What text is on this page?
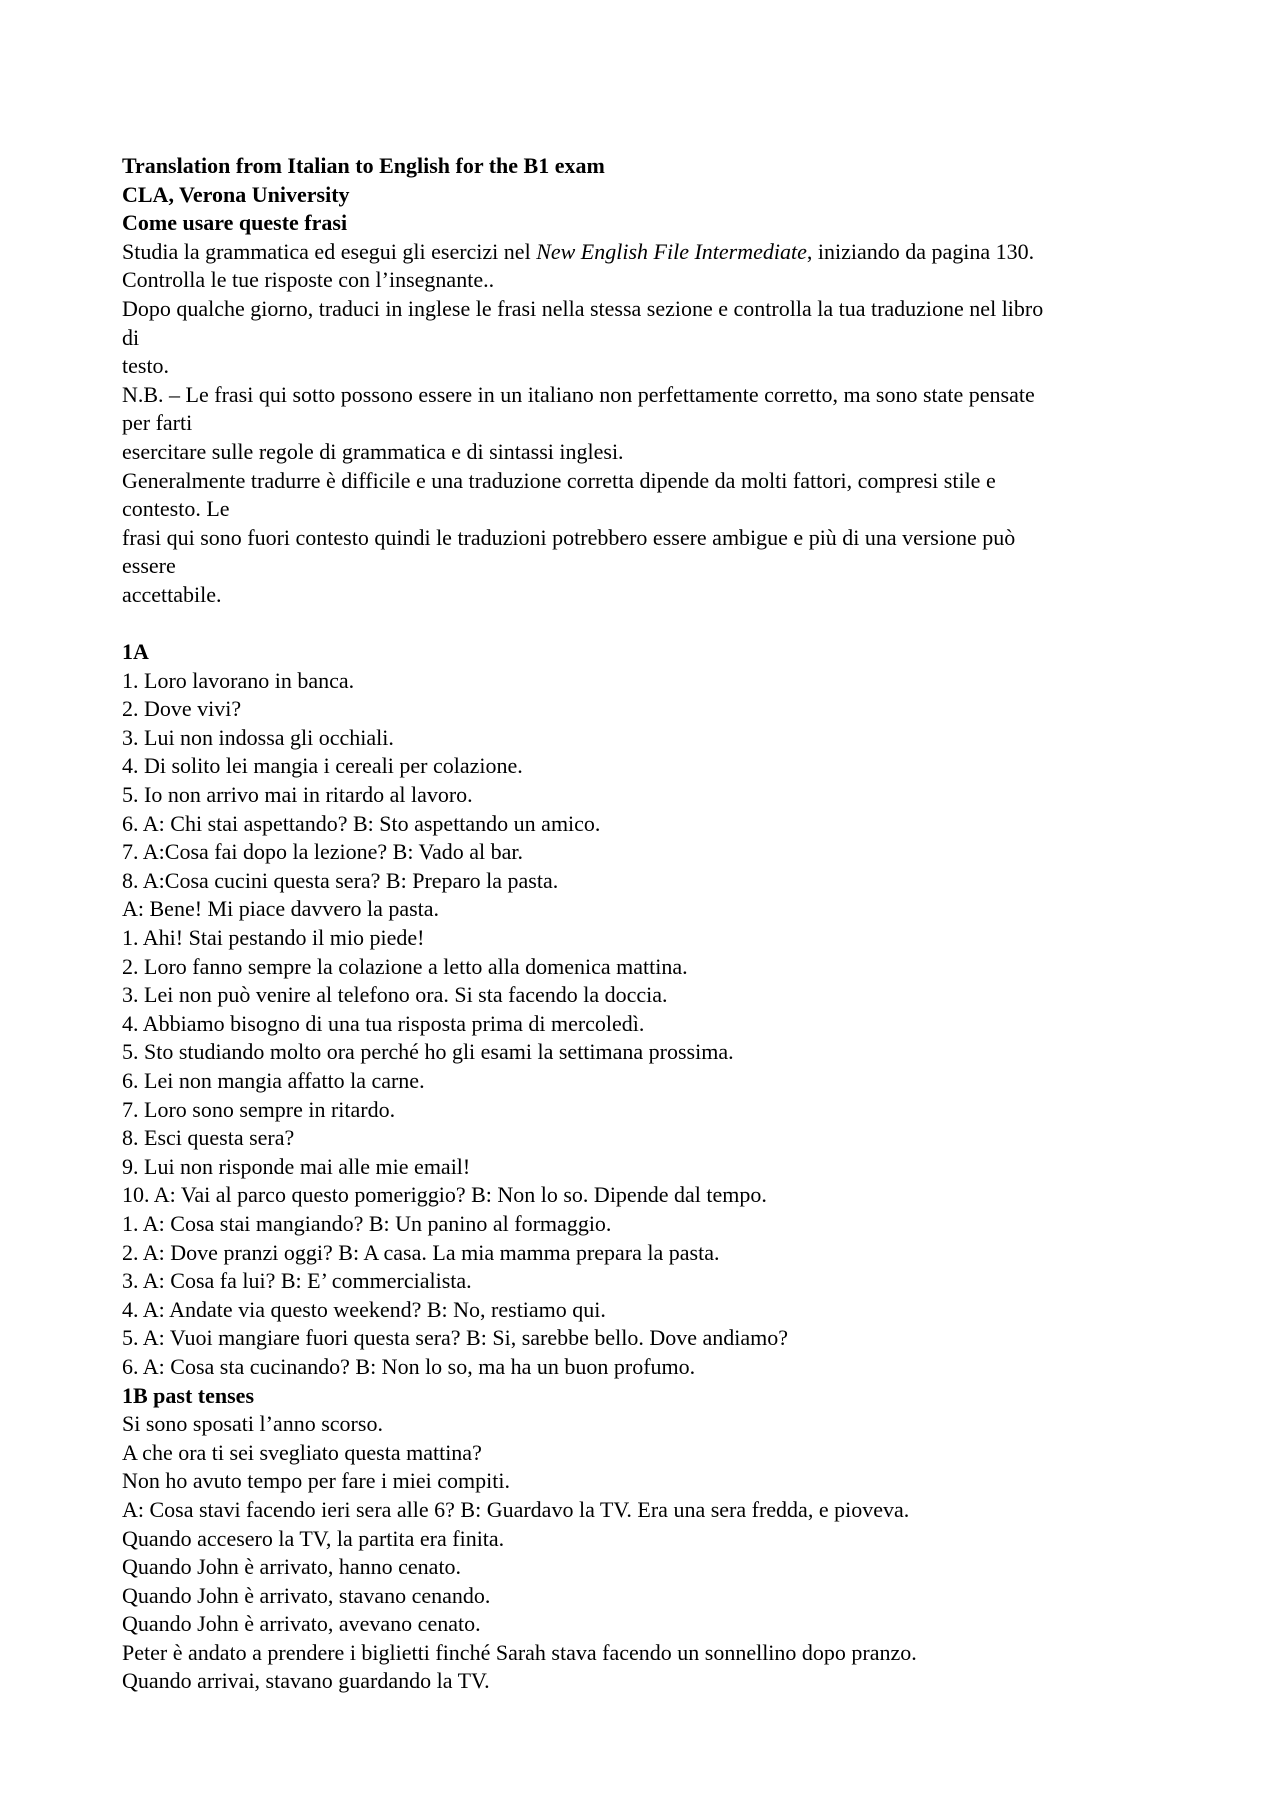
Translation from Italian to English for the B1 exam

CLA, Verona University

Come usare queste frasi

Studia la grammatica ed esegui gli esercizi nel New English File Intermediate, iniziando da pagina 130.

Controlla le tue risposte con l’insegnante..

Dopo qualche giorno, traduci in inglese le frasi nella stessa sezione e controlla la tua traduzione nel libro

di

testo.

N.B. – Le frasi qui sotto possono essere in un italiano non perfettamente corretto, ma sono state pensate

per farti

esercitare sulle regole di grammatica e di sintassi inglesi.

Generalmente tradurre è difficile e una traduzione corretta dipende da molti fattori, compresi stile e

contesto. Le

frasi qui sono fuori contesto quindi le traduzioni potrebbero essere ambigue e più di una versione può

essere

accettabile.

1A

1. Loro lavorano in banca.

2. Dove vivi?

3. Lui non indossa gli occhiali.

4. Di solito lei mangia i cereali per colazione.

5. Io non arrivo mai in ritardo al lavoro.

6. A: Chi stai aspettando? B: Sto aspettando un amico.

7. A:Cosa fai dopo la lezione? B: Vado al bar.

8. A:Cosa cucini questa sera? B: Preparo la pasta.

A: Bene! Mi piace davvero la pasta.

1. Ahi! Stai pestando il mio piede!

2. Loro fanno sempre la colazione a letto alla domenica mattina.

3. Lei non può venire al telefono ora. Si sta facendo la doccia.

4. Abbiamo bisogno di una tua risposta prima di mercoledì.

5. Sto studiando molto ora perché ho gli esami la settimana prossima.

6. Lei non mangia affatto la carne.

7. Loro sono sempre in ritardo.

8. Esci questa sera?

9. Lui non risponde mai alle mie email!

10. A: Vai al parco questo pomeriggio? B: Non lo so. Dipende dal tempo.

1. A: Cosa stai mangiando? B: Un panino al formaggio.

2. A: Dove pranzi oggi? B: A casa. La mia mamma prepara la pasta.

3. A: Cosa fa lui? B: E’ commercialista.

4. A: Andate via questo weekend? B: No, restiamo qui.

5. A: Vuoi mangiare fuori questa sera? B: Si, sarebbe bello. Dove andiamo?

6. A: Cosa sta cucinando? B: Non lo so, ma ha un buon profumo.

1B past tenses

Si sono sposati l’anno scorso.

A che ora ti sei svegliato questa mattina?

Non ho avuto tempo per fare i miei compiti.

A: Cosa stavi facendo ieri sera alle 6? B: Guardavo la TV. Era una sera fredda, e pioveva.

Quando accesero la TV, la partita era finita.

Quando John è arrivato, hanno cenato.

Quando John è arrivato, stavano cenando.

Quando John è arrivato, avevano cenato.

Peter è andato a prendere i biglietti finché Sarah stava facendo un sonnellino dopo pranzo.

Quando arrivai, stavano guardando la TV.
